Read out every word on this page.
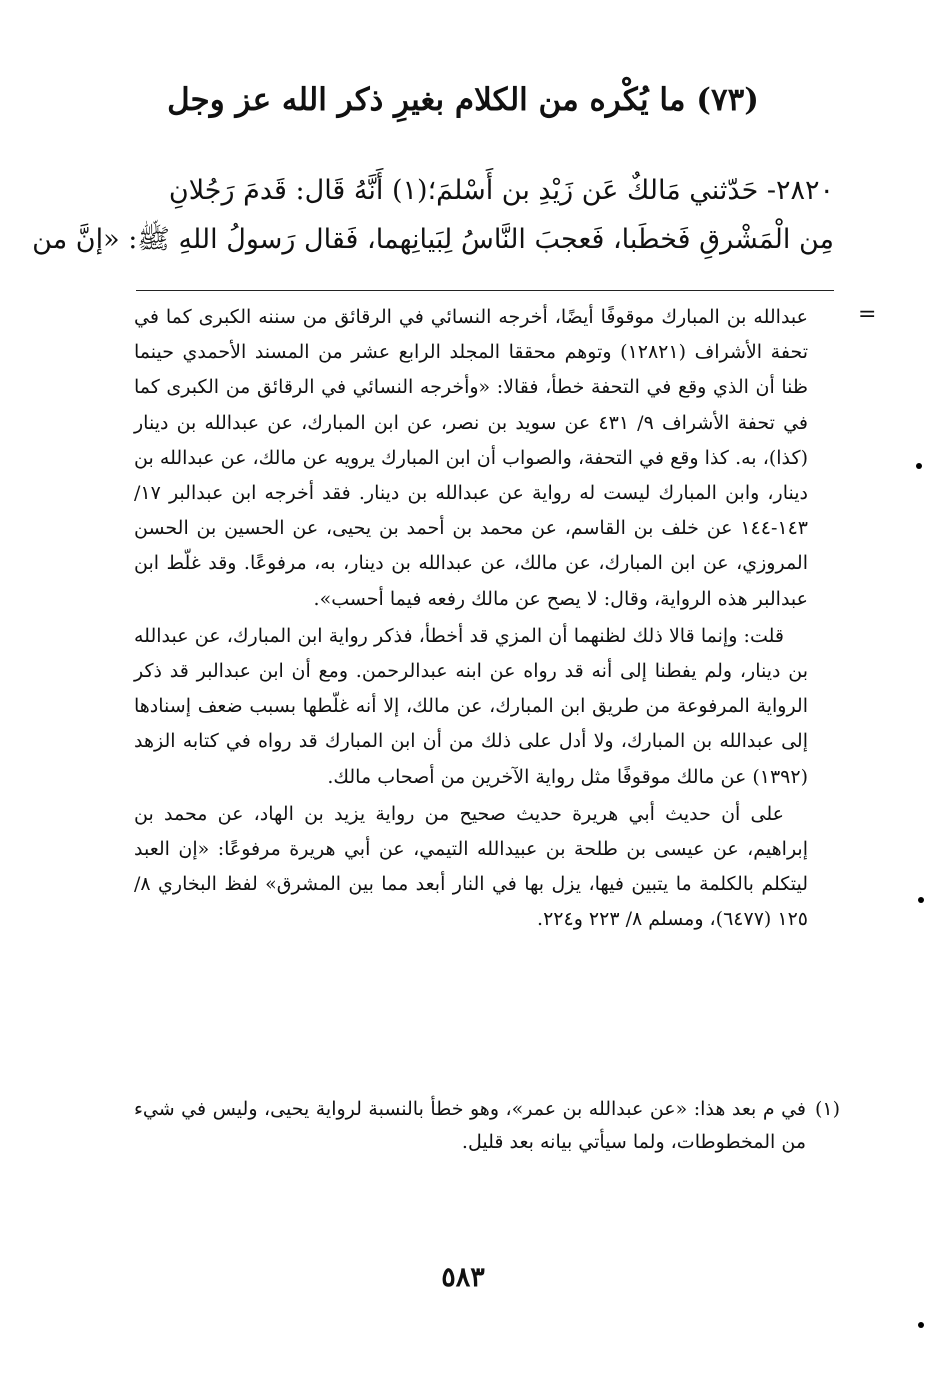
(٧٣) ما يُكْره من الكلام بغيرِ ذكر الله عز وجل
٢٨٢٠- حَدّثني مَالكٌ عَن زَيْدِ بن أَسْلمَ؛(١) أَنَّهُ قَال: قَدمَ رَجُلانِ
مِن الْمَشْرقِ فَخطَبا، فَعجبَ النَّاسُ لِبَيانِهما، فَقال رَسولُ اللهِ ﷺ: «إنَّ من
=

عبدالله بن المبارك موقوفًا أيضًا، أخرجه النسائي في الرقائق من سننه الكبرى كما في تحفة الأشراف (١٢٨٢١) وتوهم محققا المجلد الرابع عشر من المسند الأحمدي حينما ظنا أن الذي وقع في التحفة خطأ، فقالا: «وأخرجه النسائي في الرقائق من الكبرى كما في تحفة الأشراف ٩/ ٤٣١ عن سويد بن نصر، عن ابن المبارك، عن عبدالله بن دينار (كذا)، به. كذا وقع في التحفة، والصواب أن ابن المبارك يرويه عن مالك، عن عبدالله بن دينار، وابن المبارك ليست له رواية عن عبدالله بن دينار. فقد أخرجه ابن عبدالبر ١٧/ ١٤٣-١٤٤ عن خلف بن القاسم، عن محمد بن أحمد بن يحيى، عن الحسين بن الحسن المروزي، عن ابن المبارك، عن مالك، عن عبدالله بن دينار، به، مرفوعًا. وقد غلّط ابن عبدالبر هذه الرواية، وقال: لا يصح عن مالك رفعه فيما أحسب».

قلت: وإنما قالا ذلك لظنهما أن المزي قد أخطأ، فذكر رواية ابن المبارك، عن عبدالله بن دينار، ولم يفطنا إلى أنه قد رواه عن ابنه عبدالرحمن. ومع أن ابن عبدالبر قد ذكر الرواية المرفوعة من طريق ابن المبارك، عن مالك، إلا أنه غلّطها بسبب ضعف إسنادها إلى عبدالله بن المبارك، ولا أدل على ذلك من أن ابن المبارك قد رواه في كتابه الزهد (١٣٩٢) عن مالك موقوفًا مثل رواية الآخرين من أصحاب مالك.

على أن حديث أبي هريرة حديث صحيح من رواية يزيد بن الهاد، عن محمد بن إبراهيم، عن عيسى بن طلحة بن عبيدالله التيمي، عن أبي هريرة مرفوعًا: «إن العبد ليتكلم بالكلمة ما يتبين فيها، يزل بها في النار أبعد مما بين المشرق» لفظ البخاري ٨/ ١٢٥ (٦٤٧٧)، ومسلم ٨/ ٢٢٣ و٢٢٤.

(١)

في م بعد هذا: «عن عبدالله بن عمر»، وهو خطأ بالنسبة لرواية يحيى، وليس في شيء من المخطوطات، ولما سيأتي بيانه بعد قليل.

٥٨٣
